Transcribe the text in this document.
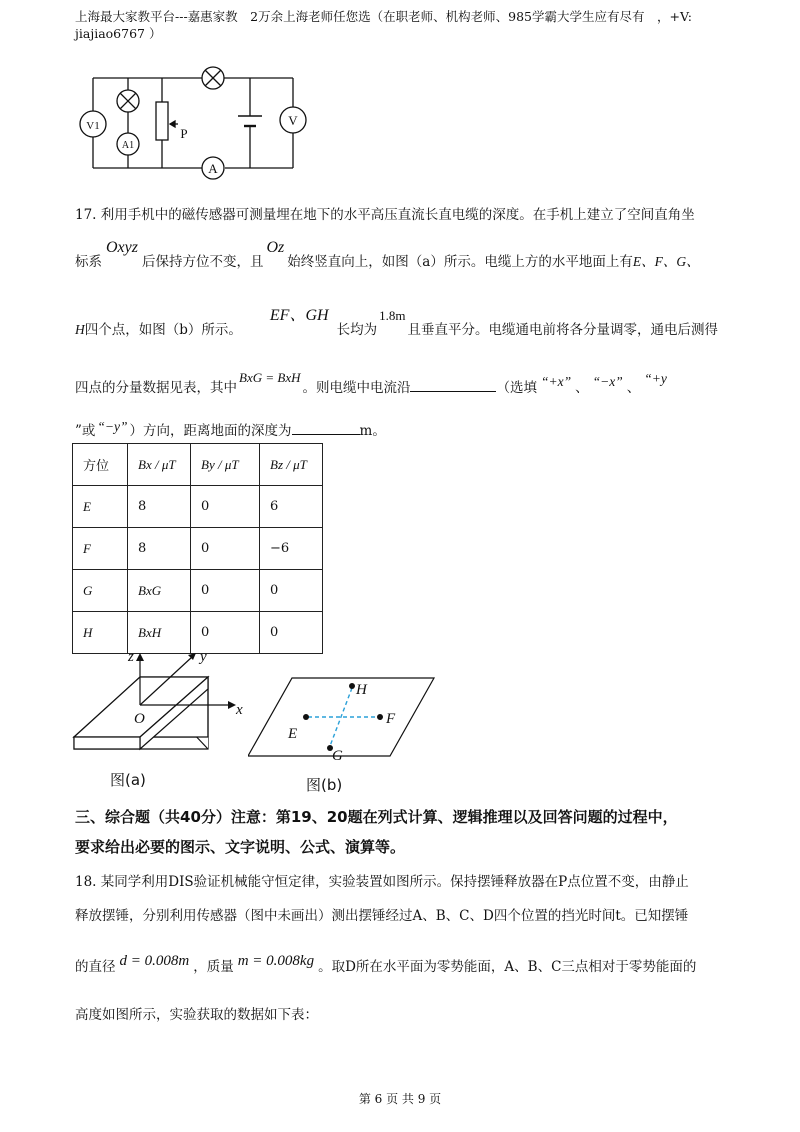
上海最大家教平台---嘉惠家教　2万余上海老师任您选（在职老师、机构老师、985学霸大学生应有尽有　，+V:
jiajiao6767 ）
V1
A1
P
A
V
17. 利用手机中的磁传感器可测量埋在地下的水平高压直流长直电缆的深度。在手机上建立了空间直角坐
标系Oxyz后保持方位不变，且Oz始终竖直向上，如图（a）所示。电缆上方的水平地面上有E、F、G、
H四个点，如图（b）所示。EF、GH长均为1.8m且垂直平分。电缆通电前将各分量调零，通电后测得
四点的分量数据见表，其中BxG = BxH。则电缆中电流沿	（选填 “+x” 、 “−x” 、“+y
”或 “−y” ）方向，距离地面的深度为	m。
方位	Bx / μT	By / μT	Bz / μT
E	8	0	6
F	8	0	−6
G	BxG	0	0
H	BxH	0	0
z	y
x
O
图(a)
H
E
F
G
图(b)
三、综合题（共40分）注意：第19、20题在列式计算、逻辑推理以及回答问题的过程中，
要求给出必要的图示、文字说明、公式、演算等。
18. 某同学利用DIS验证机械能守恒定律，实验装置如图所示。保持摆锤释放器在P点位置不变，由静止
释放摆锤，分别利用传感器（图中未画出）测出摆锤经过A、B、C、D四个位置的挡光时间t。已知摆锤
的直径 d = 0.008m ，质量 m = 0.008kg 。取D所在水平面为零势能面，A、B、C三点相对于零势能面的
高度如图所示，实验获取的数据如下表：
第 6 页 共 9 页
